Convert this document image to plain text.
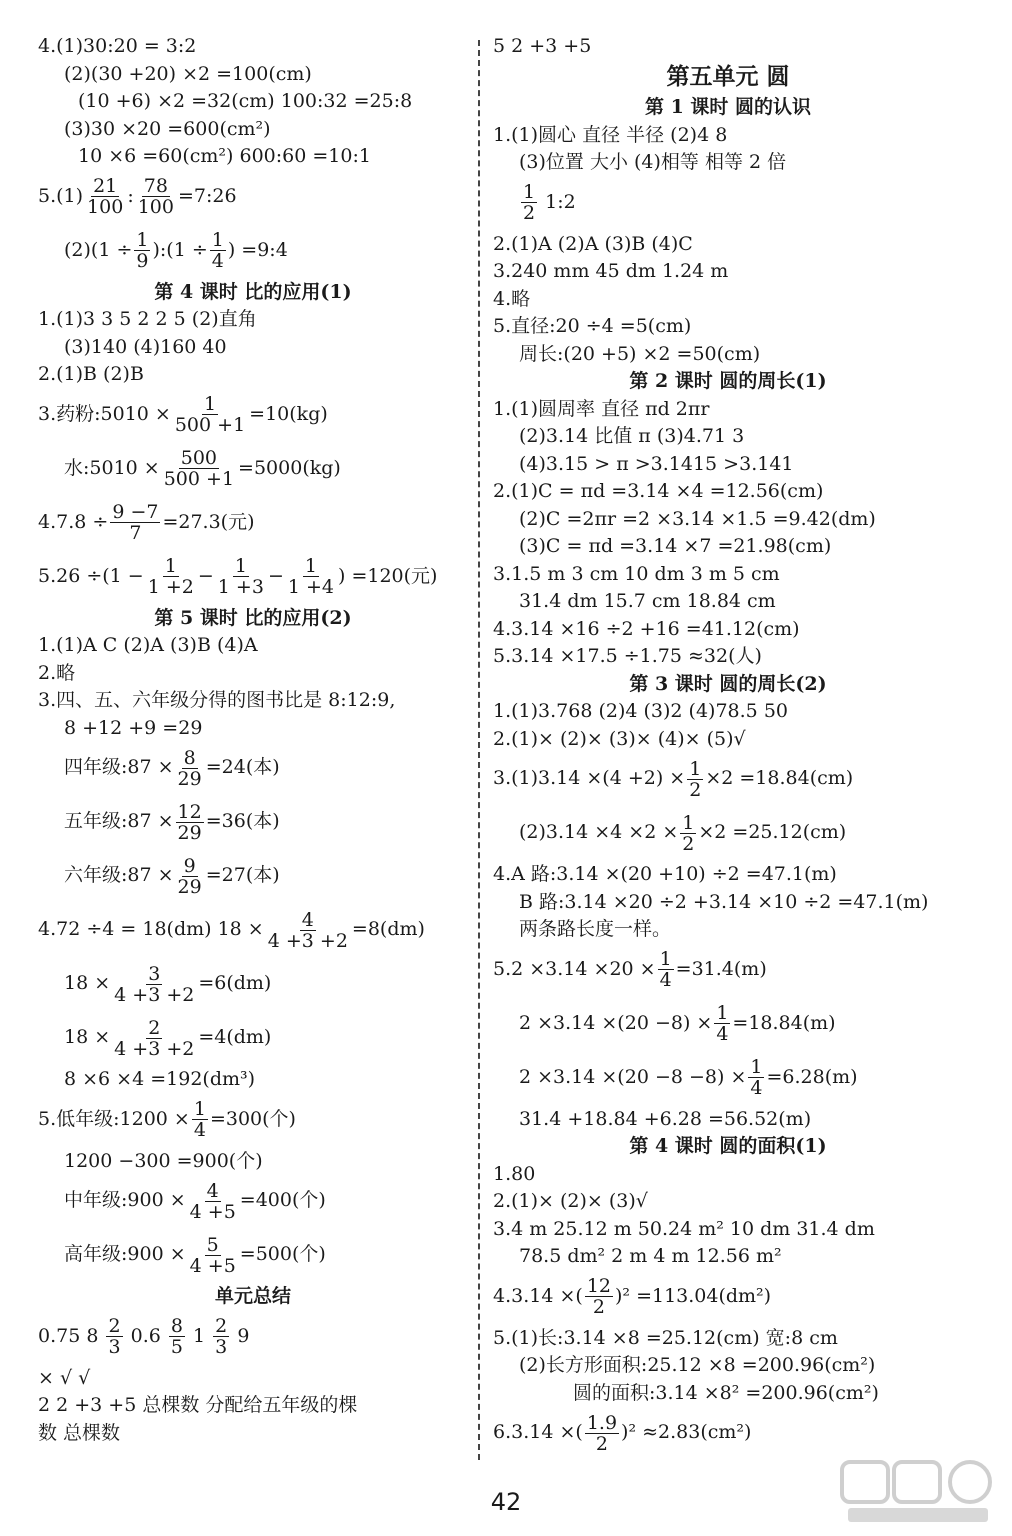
4.(1)30:20 = 3:2
(2)(30 +20) ×2 =100(cm)
(10 +6) ×2 =32(cm) 100:32 =25:8
(3)30 ×20 =600(cm²)
10 ×6 =60(cm²) 600:60 =10:1
$5.(1) \frac{21}{100}$ : $\frac{78}{100}$ =7:26
$(2)(1 \div \frac{1}{9}$ ):(1 ÷ $\frac{1}{4}$ ) =9:4
第 4 课时 比的应用(1)
1.(1)3 3 5 2 2 5 (2)直角
(3)140 (4)160 40
2.(1)B (2)B
3.药粉:5010 × $\frac{1}{500 +1} =10(kg)$
水:5010 × $\frac{500}{500 +1} =5000(kg)$
$4.7.8 \div \frac{9 -7}{7} =27.3$(元)
$5.26 \div(1 - \frac{1}{1 +2} - \frac{1}{1 +3} - \frac{1}{1 +4}$ ) =120(元)
第 5 课时 比的应用(2)
1.(1)A C (2)A (3)B (4)A
2.略
3.四、五、六年级分得的图书比是 8:12:9,
8 +12 +9 =29
四年级:87 × $\frac{8}{29} =24$(本)
五年级:87 × $\frac{12}{29} =36$(本)
六年级:87 × $\frac{9}{29} =27$(本)
4.72 ÷4 = 18(dm) $18 \times \frac{4}{4 +3 +2} =8(dm)$
$18 \times \frac{3}{4 +3 +2} =6(dm)$
$18 \times \frac{2}{4 +3 +2} =4(dm)$
8 ×6 ×4 =192(dm³)
5.低年级:1200 × $\frac{1}{4} =300$(个)
1200 −300 =900(个)
中年级:900 × $\frac{4}{4 +5} =400$(个)
高年级:900 × $\frac{5}{4 +5} =500$(个)
单元总结
0.75 $8 \frac{2}{3} 0.6 \frac{8}{5} 1 \frac{2}{3} 9$
× √ √
2 2 +3 +5 总棵数 分配给五年级的棵
数 总棵数
5 2 +3 +5
第五单元 圆
第 1 课时 圆的认识
1.(1)圆心 直径 半径 (2)4 8
(3)位置 大小 (4)相等 相等 2 倍
$\frac{1}{2}$ 1:2
2.(1)A (2)A (3)B (4)C
3.240 mm 45 dm 1.24 m
4.略
5.直径:20 ÷4 =5(cm)
周长:(20 +5) ×2 =50(cm)
第 2 课时 圆的周长(1)
1.(1)圆周率 直径 πd 2πr
(2)3.14 比值 π (3)4.71 3
(4)3.15 > π >3.1415 >3.141
2.(1)C = πd =3.14 ×4 =12.56(cm)
(2)C =2πr =2 ×3.14 ×1.5 =9.42(dm)
(3)C = πd =3.14 ×7 =21.98(cm)
3.1.5 m 3 cm 10 dm 3 m 5 cm
31.4 dm 15.7 cm 18.84 cm
4.3.14 ×16 ÷2 +16 =41.12(cm)
5.3.14 ×17.5 ÷1.75 ≈32(人)
第 3 课时 圆的周长(2)
1.(1)3.768 (2)4 (3)2 (4)78.5 50
2.(1)× (2)× (3)× (4)× (5)√
$3.(1)3.14 \times(4 +2) \times \frac{1}{2} \times 2 =18.84(cm)$
$(2)3.14 \times 4 \times 2 \times \frac{1}{2} \times 2 =25.12(cm)$
4.A 路:3.14 ×(20 +10) ÷2 =47.1(m)
B 路:3.14 ×20 ÷2 +3.14 ×10 ÷2 =47.1(m)
两条路长度一样。
$5.2 \times 3.14 \times 20 \times \frac{1}{4} =31.4(m)$
$2 \times 3.14 \times(20 -8) \times \frac{1}{4} =18.84(m)$
$2 \times 3.14 \times(20 -8 -8) \times \frac{1}{4} =6.28(m)$
31.4 +18.84 +6.28 =56.52(m)
第 4 课时 圆的面积(1)
1.80
2.(1)× (2)× (3)√
3.4 m 25.12 m 50.24 m² 10 dm 31.4 dm
78.5 dm² 2 m 4 m 12.56 m²
4.3.14 ×( $\frac{12}{2} )^2 =113.04(dm^2)$
5.(1)长:3.14 ×8 =25.12(cm) 宽:8 cm
(2)长方形面积:25.12 ×8 =200.96(cm²)
圆的面积:3.14 ×8² =200.96(cm²)
6.3.14 ×( $\frac{1.9}{2} )^2 \approx 2.83(cm^2)$
42
